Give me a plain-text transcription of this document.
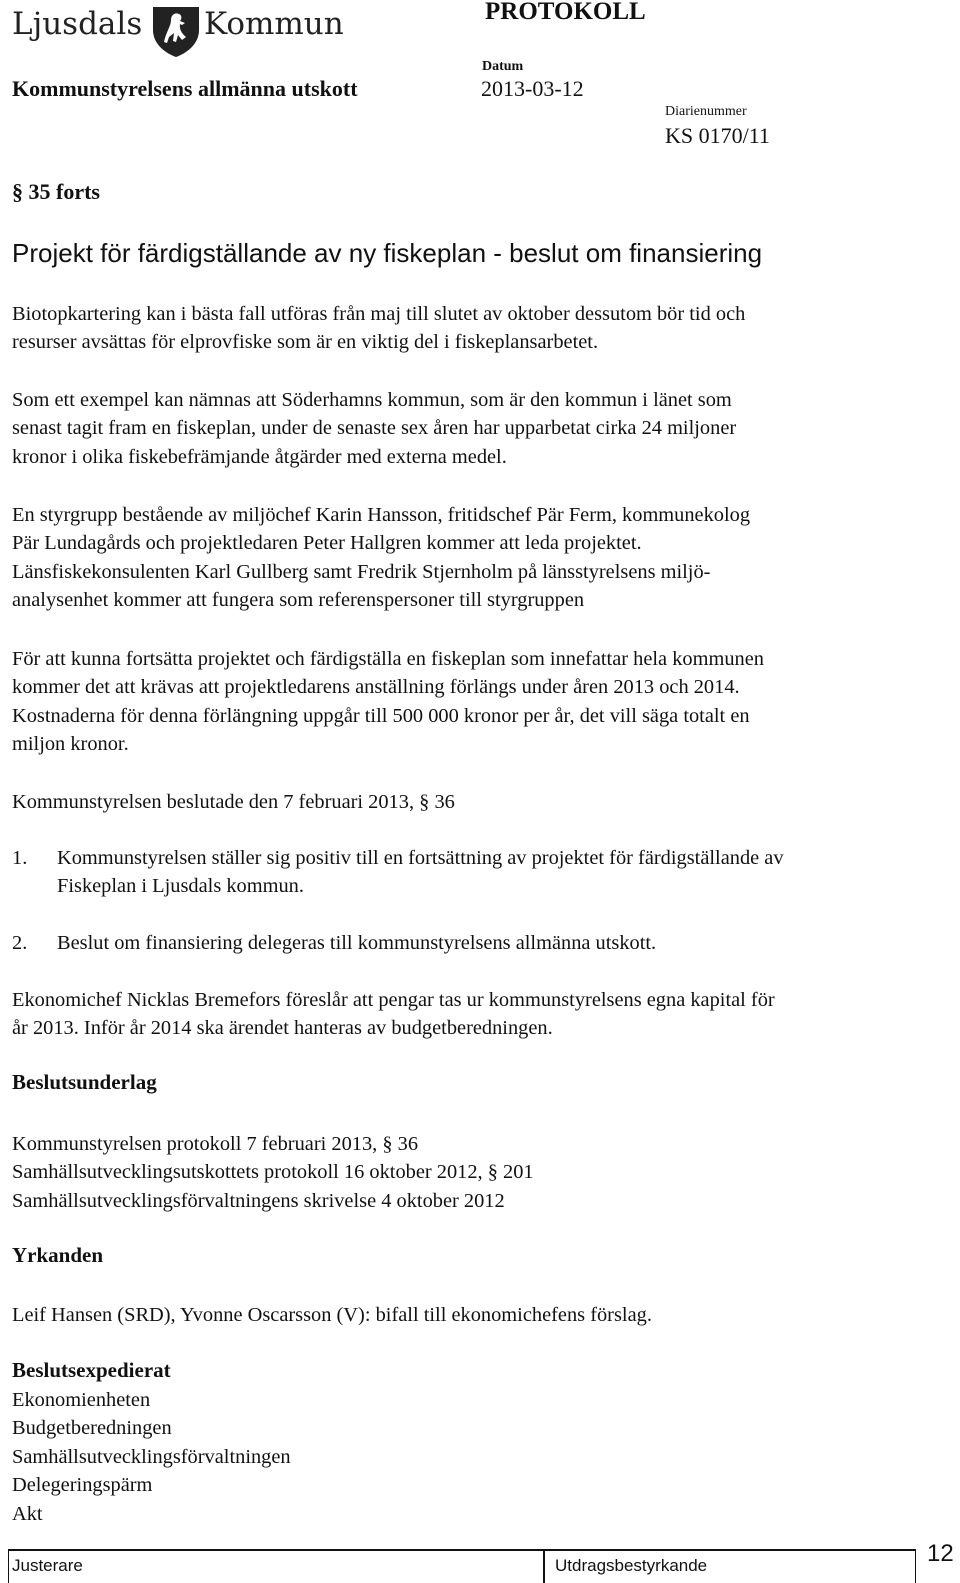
Ljusdals Kommun	PROTOKOLL
Kommunstyrelsens allmänna utskott
Datum
2013-03-12
Diarienummer
KS 0170/11
§ 35 forts
Projekt för färdigställande av ny fiskeplan - beslut om finansiering
Biotopkartering kan i bästa fall utföras från maj till slutet av oktober dessutom bör tid och
resurser avsättas för elprovfiske som är en viktig del i fiskeplansarbetet.
Som ett exempel kan nämnas att Söderhamns kommun, som är den kommun i länet som
senast tagit fram en fiskeplan, under de senaste sex åren har upparbetat cirka 24 miljoner
kronor i olika fiskebefrämjande åtgärder med externa medel.
En styrgrupp bestående av miljöchef Karin Hansson, fritidschef Pär Ferm, kommunekolog
Pär Lundagårds och projektledaren Peter Hallgren kommer att leda projektet.
Länsfiskekonsulenten Karl Gullberg samt Fredrik Stjernholm på länsstyrelsens miljö-
analysenhet kommer att fungera som referenspersoner till styrgruppen
För att kunna fortsätta projektet och färdigställa en fiskeplan som innefattar hela kommunen
kommer det att krävas att projektledarens anställning förlängs under åren 2013 och 2014.
Kostnaderna för denna förlängning uppgår till 500 000 kronor per år, det vill säga totalt en
miljon kronor.
Kommunstyrelsen beslutade den 7 februari 2013, § 36
1. Kommunstyrelsen ställer sig positiv till en fortsättning av projektet för färdigställande av
Fiskeplan i Ljusdals kommun.
2. Beslut om finansiering delegeras till kommunstyrelsens allmänna utskott.
Ekonomichef Nicklas Bremefors föreslår att pengar tas ur kommunstyrelsens egna kapital för
år 2013. Inför år 2014 ska ärendet hanteras av budgetberedningen.
Beslutsunderlag
Kommunstyrelsen protokoll 7 februari 2013, § 36
Samhällsutvecklingsutskottets protokoll 16 oktober 2012, § 201
Samhällsutvecklingsförvaltningens skrivelse 4 oktober 2012
Yrkanden
Leif Hansen (SRD), Yvonne Oscarsson (V): bifall till ekonomichefens förslag.
Beslutsexpedierat
Ekonomienheten
Budgetberedningen
Samhällsutvecklingsförvaltningen
Delegeringspärm
Akt
Justerare	Utdragsbestyrkande	12
